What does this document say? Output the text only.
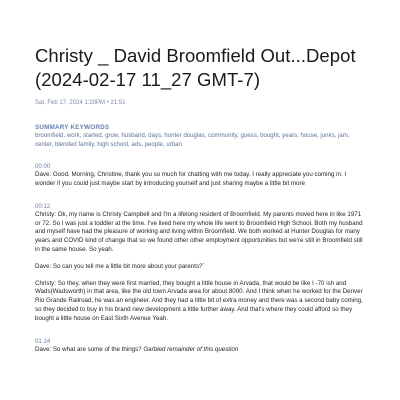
Christy _ David Broomfield Out...Depot
(2024-02-17 11_27 GMT-7)
Sat, Feb 17, 2024 1:20PM • 21:51
SUMMARY KEYWORDS
broomfield, work, started, grow, husband, days, hunter douglas, community, guess, bought, years, house, junks, jam, center, blended family, high school, ads, people, urban
00:00

Dave: Good. Morning, Christine, thank you so much for chatting with me today. I really appreciate you coming in. I wonder if you could just maybe start by introducing yourself and just sharing maybe a little bit more

00:12

Christy: Ok, my name is Christy Campbell and I'm a lifelong resident of Broomfield. My parents moved here in like 1971 or 72. So I was just a toddler at the time. I've lived here my whole life went to Broomfield High School. Both my husband and myself have had the pleasure of working and living within Broomfield. We both worked at Hunter Douglas for many years and COVID kind of change that so we found other other employment opportunities but we're still in Broomfield still in the same house. So yeah.

Dave: So can you tell me a little bit more about your parents?`

Christy: So they, when they were first married, they bought a little house in Arvada, that would be like I -70 ish and Wads(Wadsworth) in that area, like the old town Arvada area for about 8000. And I think when he worked for the Denver Rio Grande Railroad, he was an engineer. And they had a little bit of extra money and there was a second baby coming, so they decided to buy in his brand new development a little further away. And that's where they could afford so they bought a little house on East Sixth Avenue Yeah.

01:24

Dave: So what are some of the things? Garbled remainder of this question
